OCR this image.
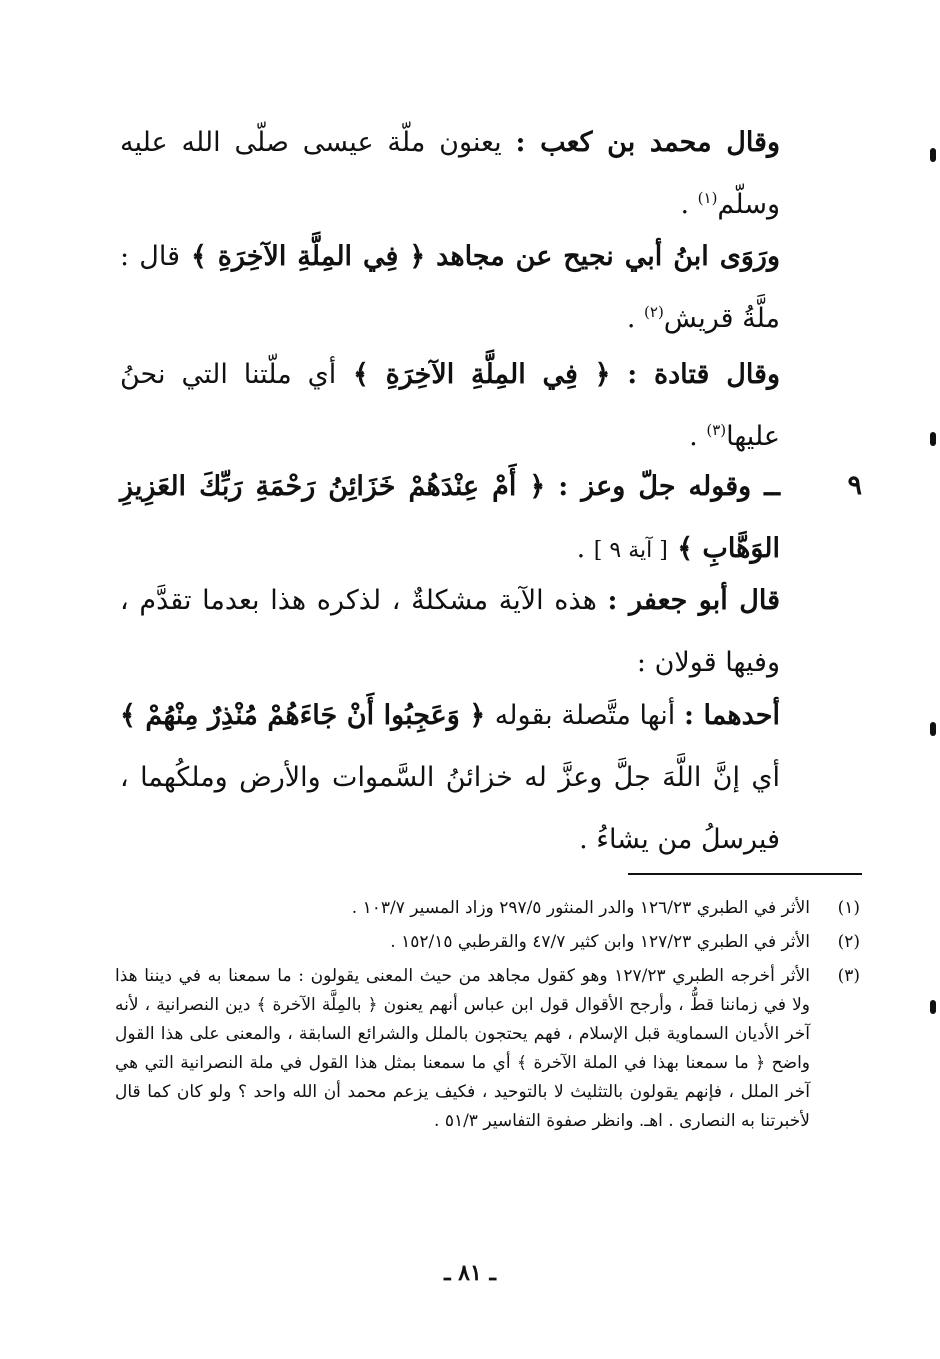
وقال محمد بن كعب : يعنون ملّة عيسى صلّى الله عليه وسلّم$^{(١)}$ .

ورَوَى ابنُ أبي نجيح عن مجاهد ﴿ فِي المِلَّةِ الآخِرَةِ ﴾ قال : ملَّةُ قريش$^{(٢)}$ .

وقال قتادة : ﴿ فِي المِلَّةِ الآخِرَةِ ﴾ أي ملّتنا التي نحنُ عليها$^{(٣)}$ .

٩

ــ وقوله جلّ وعز : ﴿ أَمْ عِنْدَهُمْ خَزَائِنُ رَحْمَةِ رَبِّكَ العَزِيزِ الوَهَّابِ ﴾ [ آية ٩ ] .

قال أبو جعفر : هذه الآية مشكلةٌ ، لذكره هذا بعدما تقدَّم ، وفيها قولان :

أحدهما : أنها متَّصلة بقوله ﴿ وَعَجِبُوا أَنْ جَاءَهُمْ مُنْذِرٌ مِنْهُمْ ﴾ أي إنَّ اللَّهَ جلَّ وعزَّ له خزائنُ السَّموات والأرض وملكُهما ، فيرسلُ من يشاءُ .

(١)
الأثر في الطبري ١٢٦/٢٣ والدر المنثور ٢٩٧/٥ وزاد المسير ١٠٣/٧ .
(٢)
الأثر في الطبري ١٢٧/٢٣ وابن كثير ٤٧/٧ والقرطبي ١٥٢/١٥ .
(٣)
الأثر أخرجه الطبري ١٢٧/٢٣ وهو كقول مجاهد من حيث المعنى يقولون : ما سمعنا به في ديننا هذا ولا في زماننا قطُّ ، وأرجح الأقوال قول ابن عباس أنهم يعنون ﴿ بالمِلَّة الآخرة ﴾ دين النصرانية ، لأنه آخر الأديان السماوية قبل الإسلام ، فهم يحتجون بالملل والشرائع السابقة ، والمعنى على هذا القول واضح ﴿ ما سمعنا بهذا في الملة الآخرة ﴾ أي ما سمعنا بمثل هذا القول في ملة النصرانية التي هي آخر الملل ، فإنهم يقولون بالتثليث لا بالتوحيد ، فكيف يزعم محمد أن الله واحد ؟ ولو كان كما قال لأخبرتنا به النصارى . اهـ. وانظر صفوة التفاسير ٥١/٣ .
ـ ٨١ ـ
